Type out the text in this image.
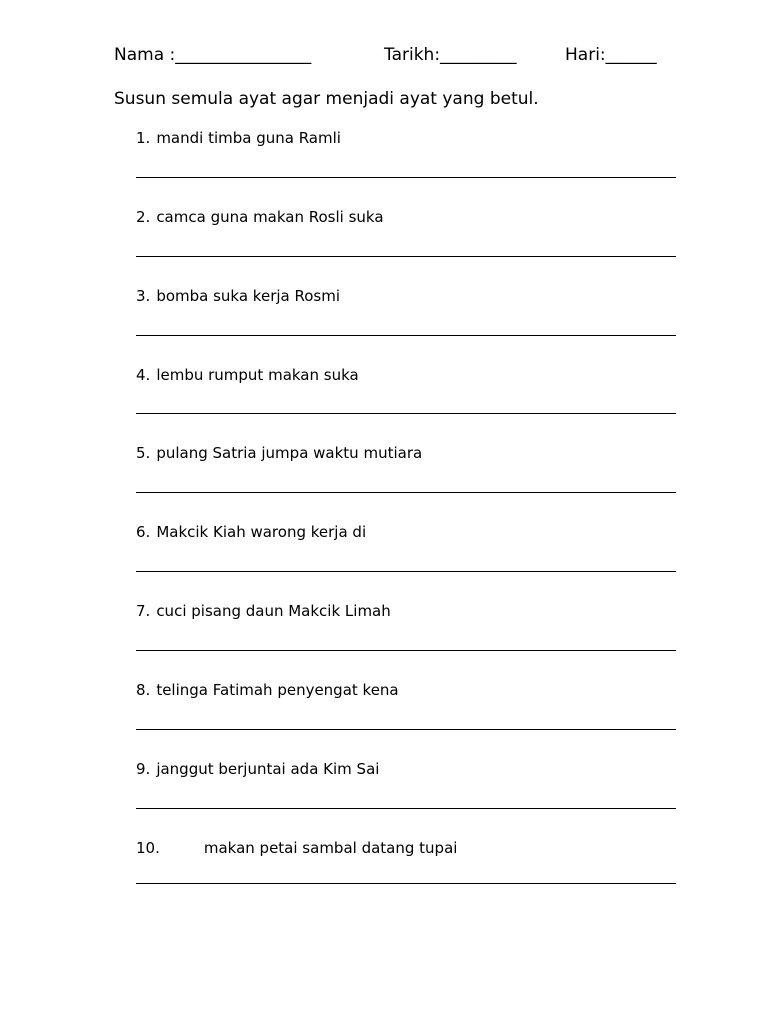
Nama :________________	Tarikh:_________	Hari:______
Susun semula ayat agar menjadi ayat yang betul.
1. mandi timba guna Ramli
2. camca guna makan Rosli suka
3. bomba suka kerja Rosmi
4. lembu rumput makan suka
5. pulang Satria jumpa waktu mutiara
6. Makcik Kiah warong kerja di
7. cuci pisang daun Makcik Limah
8. telinga Fatimah penyengat kena
9. janggut berjuntai ada Kim Sai
10.	makan petai sambal datang tupai
